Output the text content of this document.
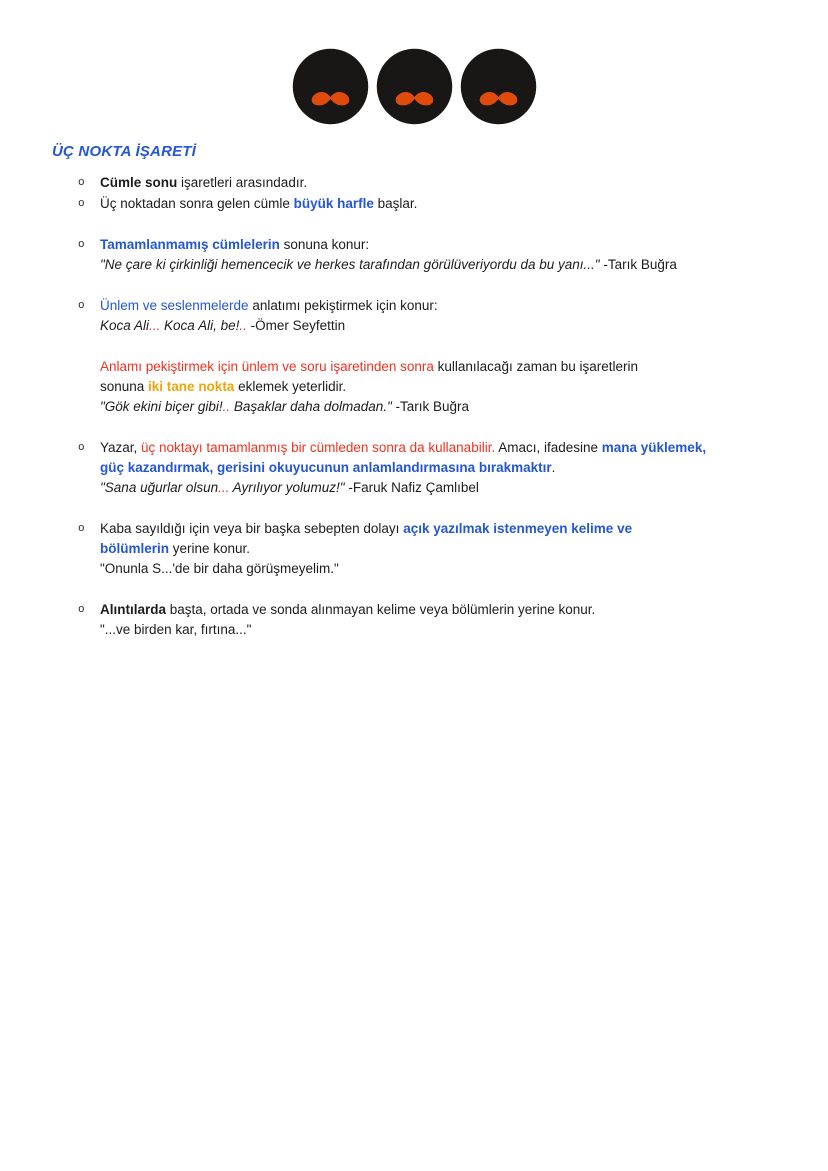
ÜÇ NOKTA İŞARETİ
o	Cümle sonu işaretleri arasındadır.
o	Üç noktadan sonra gelen cümle büyük harfle başlar.
o	Tamamlanmamış cümlelerin sonuna konur:
"Ne çare ki çirkinliği hemencecik ve herkes tarafından görülüveriyordu da bu yanı..." -Tarık Buğra
o	Ünlem ve seslenmelerde anlatımı pekiştirmek için konur:
Koca Ali... Koca Ali, be!.. -Ömer Seyfettin
Anlamı pekiştirmek için ünlem ve soru işaretinden sonra kullanılacağı zaman bu işaretlerin
sonuna iki tane nokta eklemek yeterlidir.
"Gök ekini biçer gibi!.. Başaklar daha dolmadan." -Tarık Buğra
o	Yazar, üç noktayı tamamlanmış bir cümleden sonra da kullanabilir. Amacı, ifadesine mana yüklemek,
güç kazandırmak, gerisini okuyucunun anlamlandırmasına bırakmaktır.
"Sana uğurlar olsun... Ayrılıyor yolumuz!" -Faruk Nafiz Çamlıbel
o	Kaba sayıldığı için veya bir başka sebepten dolayı açık yazılmak istenmeyen kelime ve
bölümlerin yerine konur.
"Onunla S...'de bir daha görüşmeyelim."
o	Alıntılarda başta, ortada ve sonda alınmayan kelime veya bölümlerin yerine konur.
"...ve birden kar, fırtına..."
